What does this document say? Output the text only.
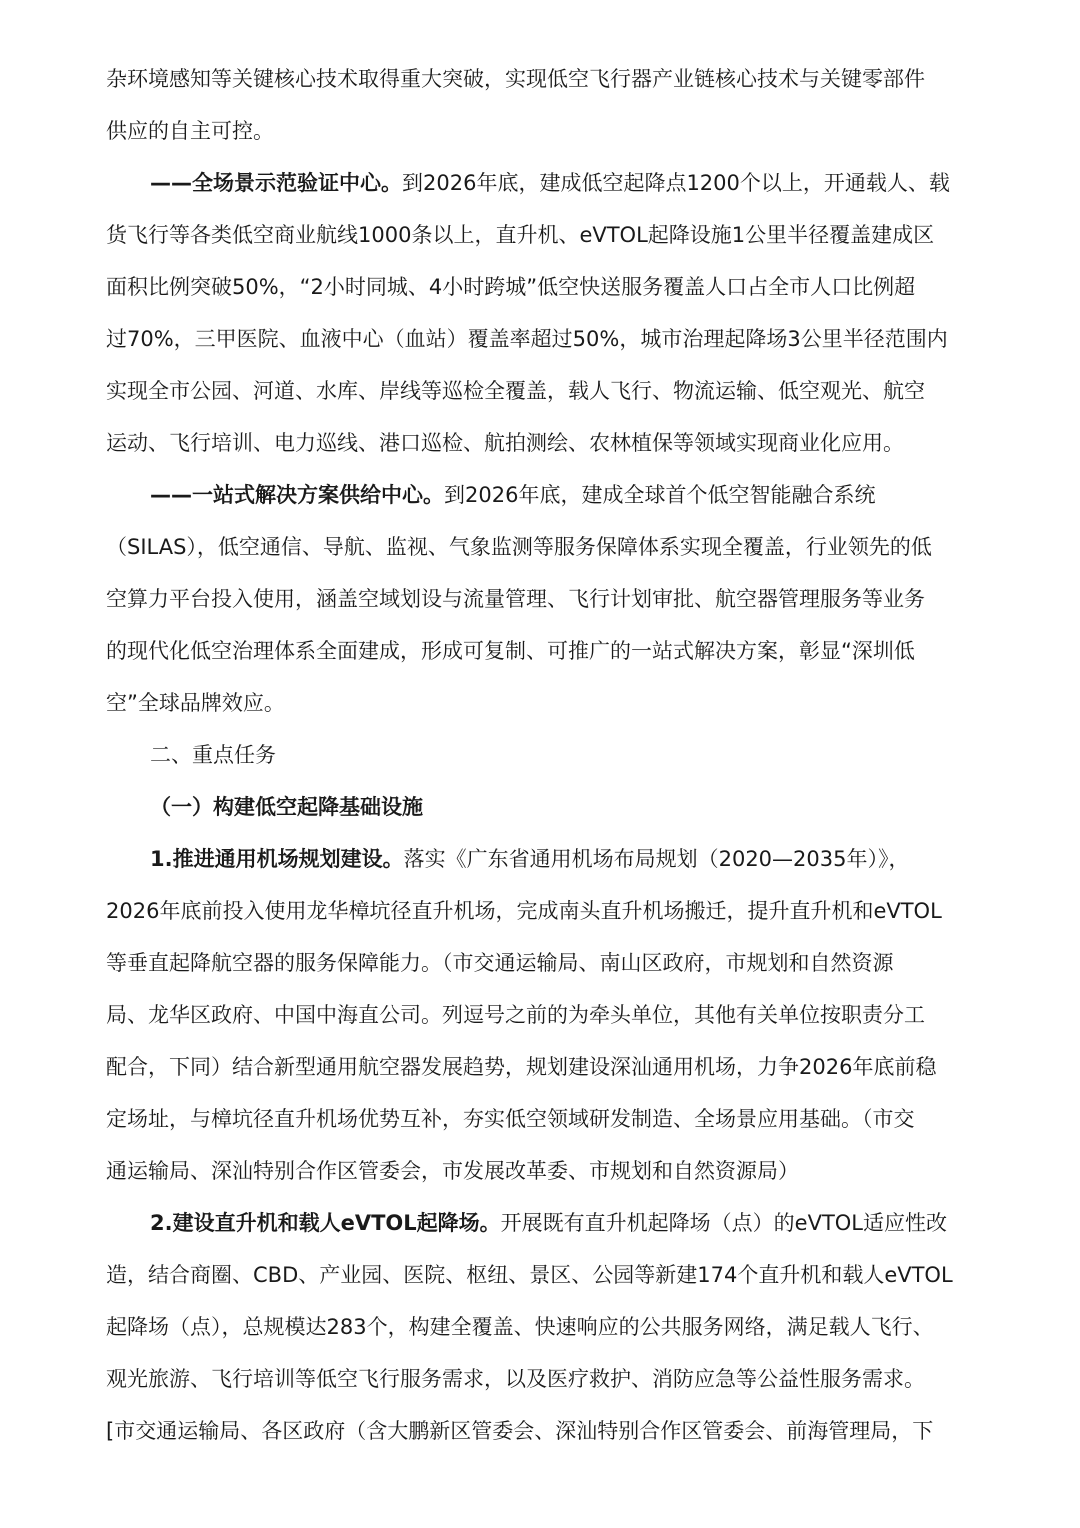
杂环境感知等关键核心技术取得重大突破，实现低空飞行器产业链核心技术与关键零部件
供应的自主可控。
——全场景示范验证中心。到2026年底，建成低空起降点1200个以上，开通载人、载
货飞行等各类低空商业航线1000条以上，直升机、eVTOL起降设施1公里半径覆盖建成区
面积比例突破50%，“2小时同城、4小时跨城”低空快送服务覆盖人口占全市人口比例超
过70%，三甲医院、血液中心（血站）覆盖率超过50%，城市治理起降场3公里半径范围内
实现全市公园、河道、水库、岸线等巡检全覆盖，载人飞行、物流运输、低空观光、航空
运动、飞行培训、电力巡线、港口巡检、航拍测绘、农林植保等领域实现商业化应用。
——一站式解决方案供给中心。到2026年底，建成全球首个低空智能融合系统
（SILAS），低空通信、导航、监视、气象监测等服务保障体系实现全覆盖，行业领先的低
空算力平台投入使用，涵盖空域划设与流量管理、飞行计划审批、航空器管理服务等业务
的现代化低空治理体系全面建成，形成可复制、可推广的一站式解决方案，彰显“深圳低
空”全球品牌效应。
二、重点任务
（一）构建低空起降基础设施
1.推进通用机场规划建设。落实《广东省通用机场布局规划（2020—2035年）》，
2026年底前投入使用龙华樟坑径直升机场，完成南头直升机场搬迁，提升直升机和eVTOL
等垂直起降航空器的服务保障能力。（市交通运输局、南山区政府，市规划和自然资源
局、龙华区政府、中国中海直公司。列逗号之前的为牵头单位，其他有关单位按职责分工
配合，下同）结合新型通用航空器发展趋势，规划建设深汕通用机场，力争2026年底前稳
定场址，与樟坑径直升机场优势互补，夯实低空领域研发制造、全场景应用基础。（市交
通运输局、深汕特别合作区管委会，市发展改革委、市规划和自然资源局）
2.建设直升机和载人eVTOL起降场。开展既有直升机起降场（点）的eVTOL适应性改
造，结合商圈、CBD、产业园、医院、枢纽、景区、公园等新建174个直升机和载人eVTOL
起降场（点），总规模达283个，构建全覆盖、快速响应的公共服务网络，满足载人飞行、
观光旅游、飞行培训等低空飞行服务需求，以及医疗救护、消防应急等公益性服务需求。
[市交通运输局、各区政府（含大鹏新区管委会、深汕特别合作区管委会、前海管理局，下
